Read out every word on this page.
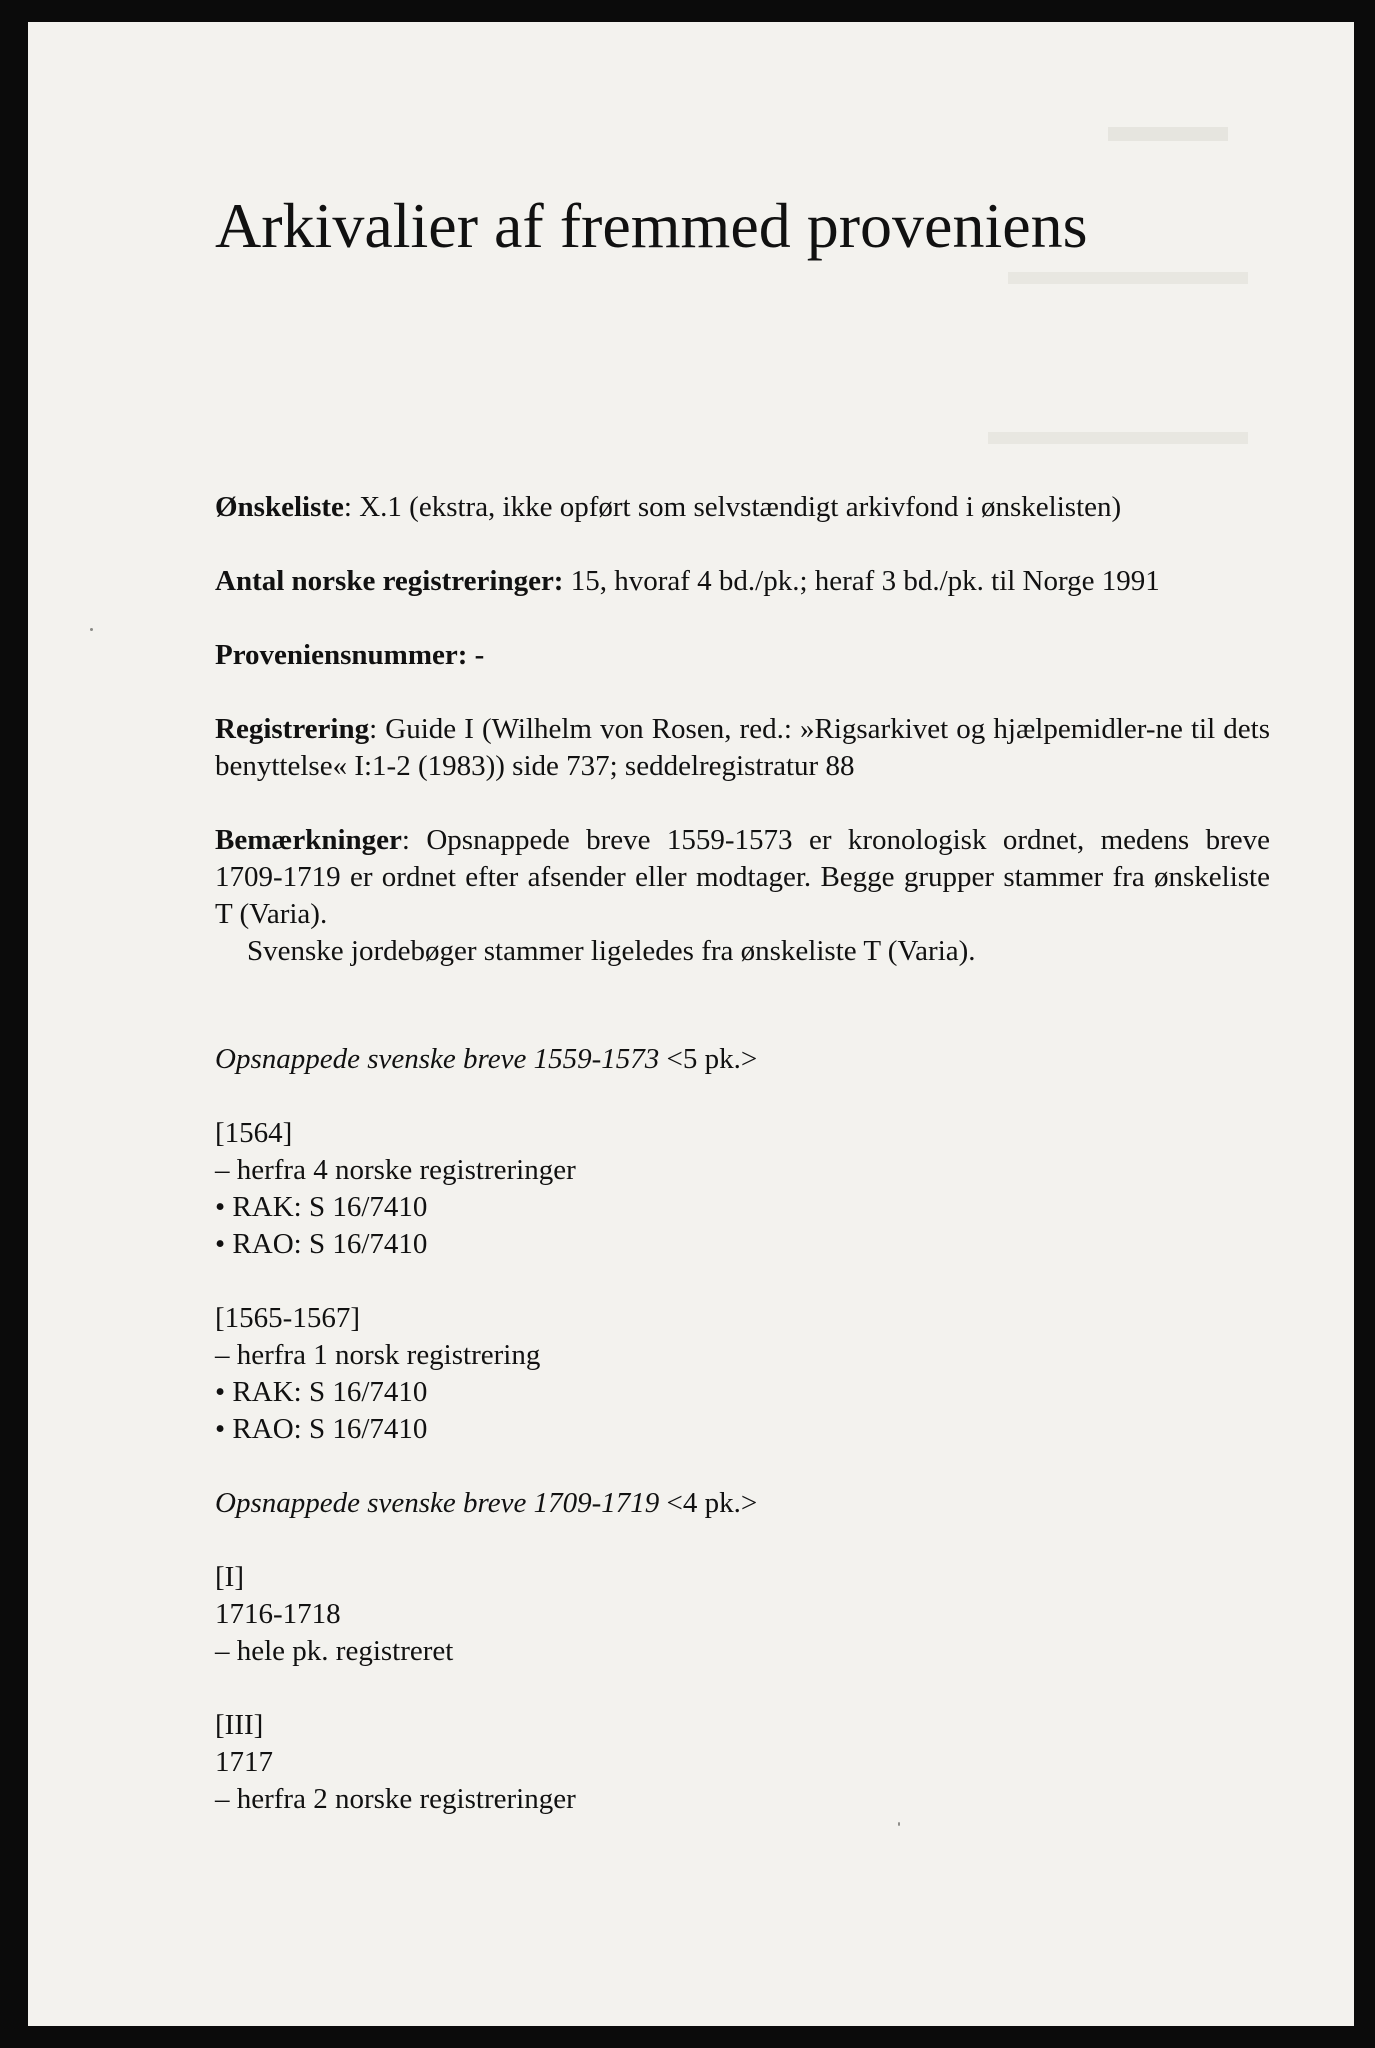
Arkivalier af fremmed proveniens

Ønskeliste: X.1 (ekstra, ikke opført som selvstændigt arkivfond i ønskelisten)

Antal norske registreringer: 15, hvoraf 4 bd./pk.; heraf 3 bd./pk. til Norge 1991

Proveniensnummer: -

Registrering: Guide I (Wilhelm von Rosen, red.: »Rigsarkivet og hjælpemidler-ne til dets benyttelse« I:1-2 (1983)) side 737; seddelregistratur 88

Bemærkninger: Opsnappede breve 1559-1573 er kronologisk ordnet, medens breve 1709-1719 er ordnet efter afsender eller modtager. Begge grupper stammer fra ønskeliste T (Varia).

Svenske jordebøger stammer ligeledes fra ønskeliste T (Varia).

Opsnappede svenske breve 1559-1573 <5 pk.>

[1564]
– herfra 4 norske registreringer
• RAK: S 16/7410
• RAO: S 16/7410
[1565-1567]
– herfra 1 norsk registrering
• RAK: S 16/7410
• RAO: S 16/7410

Opsnappede svenske breve 1709-1719 <4 pk.>

[I]
1716-1718
– hele pk. registreret
[III]
1717
– herfra 2 norske registreringer
